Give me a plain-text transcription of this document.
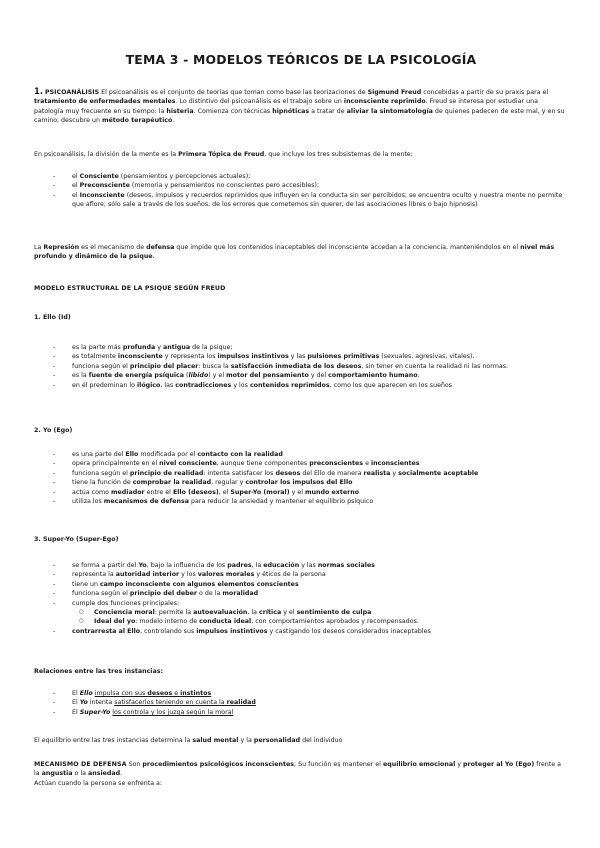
TEMA 3 - MODELOS TEÓRICOS DE LA PSICOLOGÍA
1. PSICOANÁLISIS El psicoanálisis es el conjunto de teorías que toman como base las teorizaciones de Sigmund Freud concebidas a partir de su praxis para el tratamiento de enfermedades mentales. Lo distintivo del psicoanálisis es el trabajo sobre un inconsciente reprimido. Freud se interesa por estudiar una patología muy frecuente en su tiempo: la histeria. Comienza con técnicas hipnóticas a tratar de aliviar la sintomatología de quienes padecen de este mal, y en su camino, descubre un método terapéutico.
En psicoanálisis, la división de la mente es la Primera Tópica de Freud, que incluye los tres subsistemas de la mente:
- el Consciente (pensamientos y percepciones actuales);
- el Preconsciente (memoria y pensamientos no conscientes pero accesibles);
- el Inconsciente (deseos, impulsos y recuerdos reprimidos que influyen en la conducta sin ser percibidos; se encuentra oculto y nuestra mente no permite que aflore; sólo sale a través de los sueños, de los errores que cometemos sin querer, de las asociaciones libres o bajo hipnosis)
La Represión es el mecanismo de defensa que impide que los contenidos inaceptables del inconsciente accedan a la conciencia, manteniéndolos en el nivel más profundo y dinámico de la psique.
MODELO ESTRUCTURAL DE LA PSIQUE SEGÚN FREUD
1. Ello (Id)
- es la parte más profunda y antigua de la psique;
- es totalmente inconsciente y representa los impulsos instintivos y las pulsiones primitivas (sexuales, agresivas, vitales).
- funciona según el principio del placer: busca la satisfacción inmediata de los deseos, sin tener en cuenta la realidad ni las normas.
- es la fuente de energía psíquica (libido) y el motor del pensamiento y del comportamiento humano.
- en él predominan lo ilógico, las contradicciones y los contenidos reprimidos, como los que aparecen en los sueños
2. Yo (Ego)
- es una parte del Ello modificada por el contacto con la realidad
- opera principalmente en el nivel consciente, aunque tiene componentes preconscientes e inconscientes
- funciona según el principio de realidad: intenta satisfacer los deseos del Ello de manera realista y socialmente aceptable
- tiene la función de comprobar la realidad, regular y controlar los impulsos del Ello
- actúa como mediador entre el Ello (deseos), el Super-Yo (moral) y el mundo externo
- utiliza los mecanismos de defensa para reducir la ansiedad y mantener el equilibrio psíquico
3. Super-Yo (Super-Ego)
- se forma a partir del Yo, bajo la influencia de los padres, la educación y las normas sociales
- representa la autoridad interior y los valores morales y éticos de la persona
- tiene un campo inconsciente con algunos elementos conscientes
- funciona según el principio del deber o de la moralidad
- cumple dos funciones principales:
○ Conciencia moral: permite la autoevaluación, la crítica y el sentimiento de culpa
○ Ideal del yo: modelo interno de conducta ideal, con comportamientos aprobados y recompensados.
- contrarresta al Ello, controlando sus impulsos instintivos y castigando los deseos considerados inaceptables
Relaciones entre las tres instancias:
- El Ello impulsa con sus deseos e instintos
- El Yo intenta satisfacerlos teniendo en cuenta la realidad
- El Super-Yo los controla y los juzga según la moral
El equilibrio entre las tres instancias determina la salud mental y la personalidad del individuo
MECANISMO DE DEFENSA Son procedimientos psicológicos inconscientes; Su función es mantener el equilibrio emocional y proteger al Yo (Ego) frente a la angustia o la ansiedad.
Actúan cuando la persona se enfrenta a:
